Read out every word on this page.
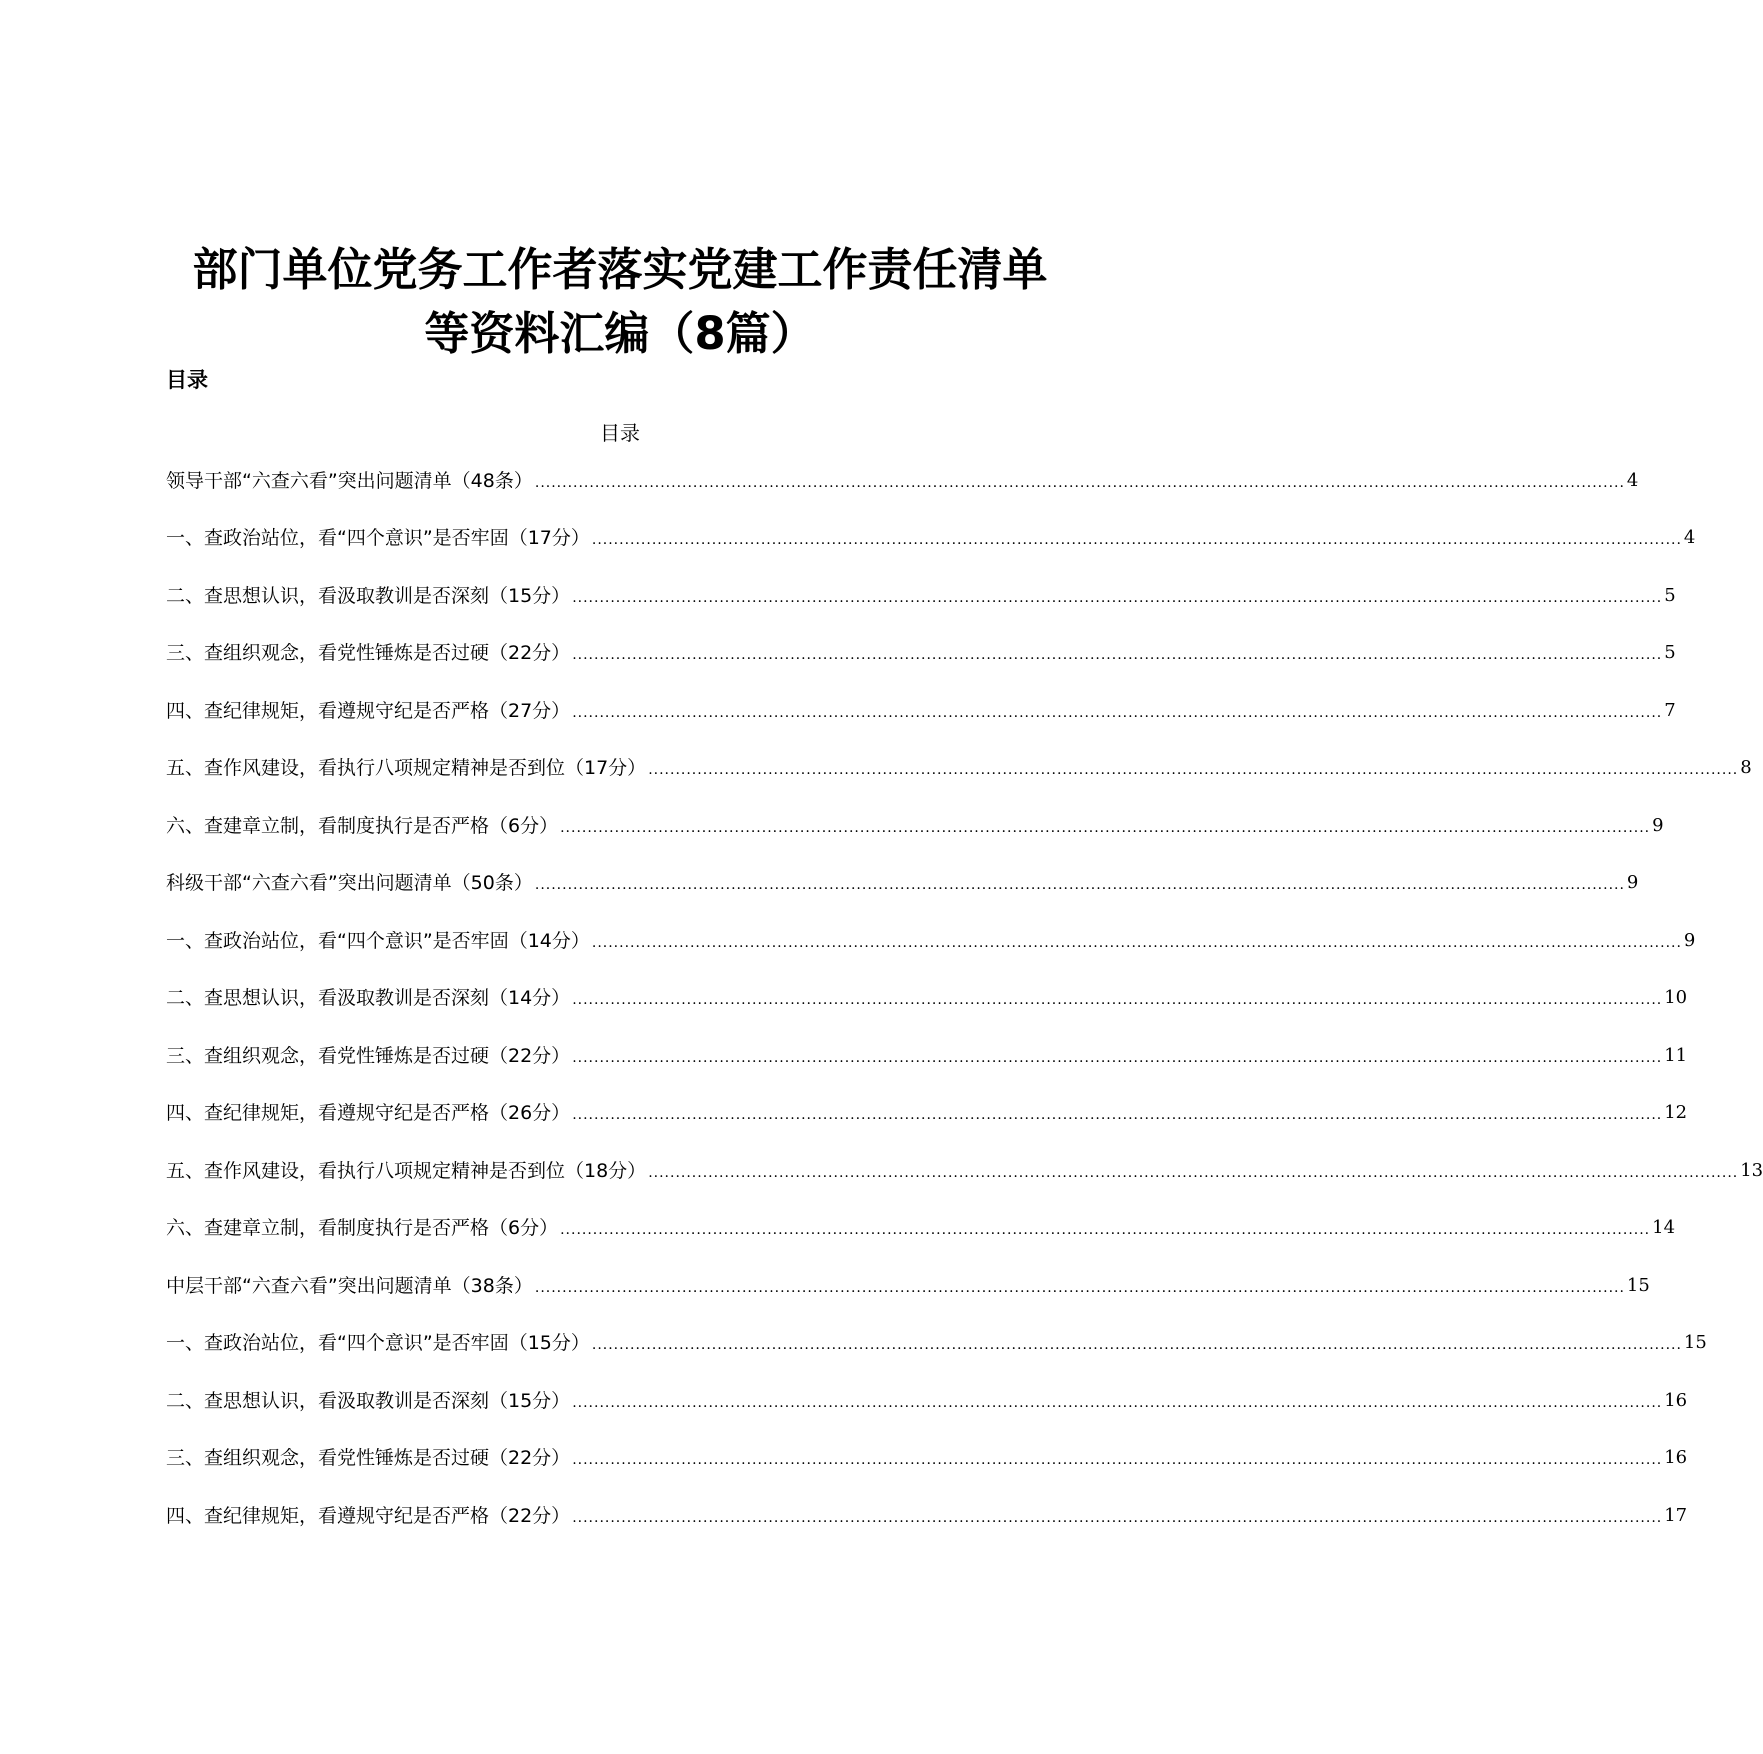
部门单位党务工作者落实党建工作责任清单
等资料汇编（8篇）
目录
目录
领导干部“六查六看”突出问题清单（48条） ........................................................................................................................................................................................................ 4
一、查政治站位，看“四个意识”是否牢固（17分） ........................................................................................................................................................................................................ 4
二、查思想认识，看汲取教训是否深刻（15分） ........................................................................................................................................................................................................ 5
三、查组织观念，看党性锤炼是否过硬（22分） ........................................................................................................................................................................................................ 5
四、查纪律规矩，看遵规守纪是否严格（27分） ........................................................................................................................................................................................................ 7
五、查作风建设，看执行八项规定精神是否到位（17分） ........................................................................................................................................................................................................ 8
六、查建章立制，看制度执行是否严格（6分） ........................................................................................................................................................................................................ 9
科级干部“六查六看”突出问题清单（50条） ........................................................................................................................................................................................................ 9
一、查政治站位，看“四个意识”是否牢固（14分） ........................................................................................................................................................................................................ 9
二、查思想认识，看汲取教训是否深刻（14分） ........................................................................................................................................................................................................ 10
三、查组织观念，看党性锤炼是否过硬（22分） ........................................................................................................................................................................................................ 11
四、查纪律规矩，看遵规守纪是否严格（26分） ........................................................................................................................................................................................................ 12
五、查作风建设，看执行八项规定精神是否到位（18分） ........................................................................................................................................................................................................ 13
六、查建章立制，看制度执行是否严格（6分） ........................................................................................................................................................................................................ 14
中层干部“六查六看”突出问题清单（38条） ........................................................................................................................................................................................................ 15
一、查政治站位，看“四个意识”是否牢固（15分） ........................................................................................................................................................................................................ 15
二、查思想认识，看汲取教训是否深刻（15分） ........................................................................................................................................................................................................ 16
三、查组织观念，看党性锤炼是否过硬（22分） ........................................................................................................................................................................................................ 16
四、查纪律规矩，看遵规守纪是否严格（22分） ........................................................................................................................................................................................................ 17
